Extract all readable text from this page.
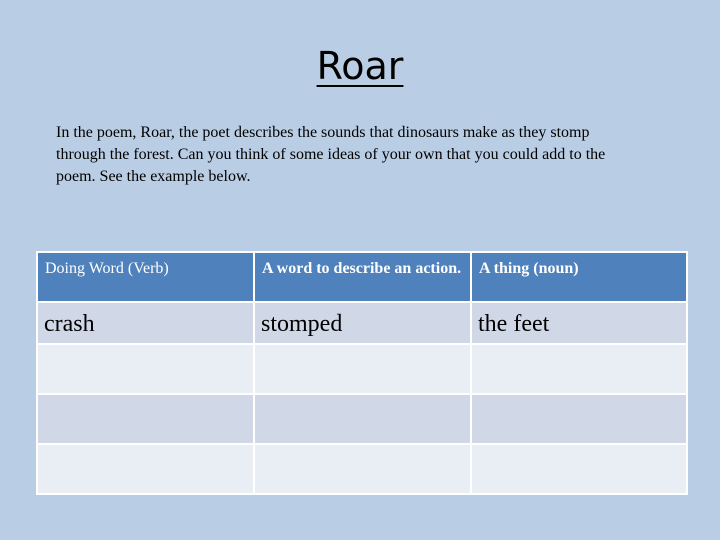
Roar

In the poem, Roar, the poet describes the sounds that dinosaurs make as they stomp through the forest. Can you think of some ideas of your own that you could add to the poem. See the example below.

Doing Word (Verb)	A word to describe an action.	A thing (noun)
crash	stomped	the feet
